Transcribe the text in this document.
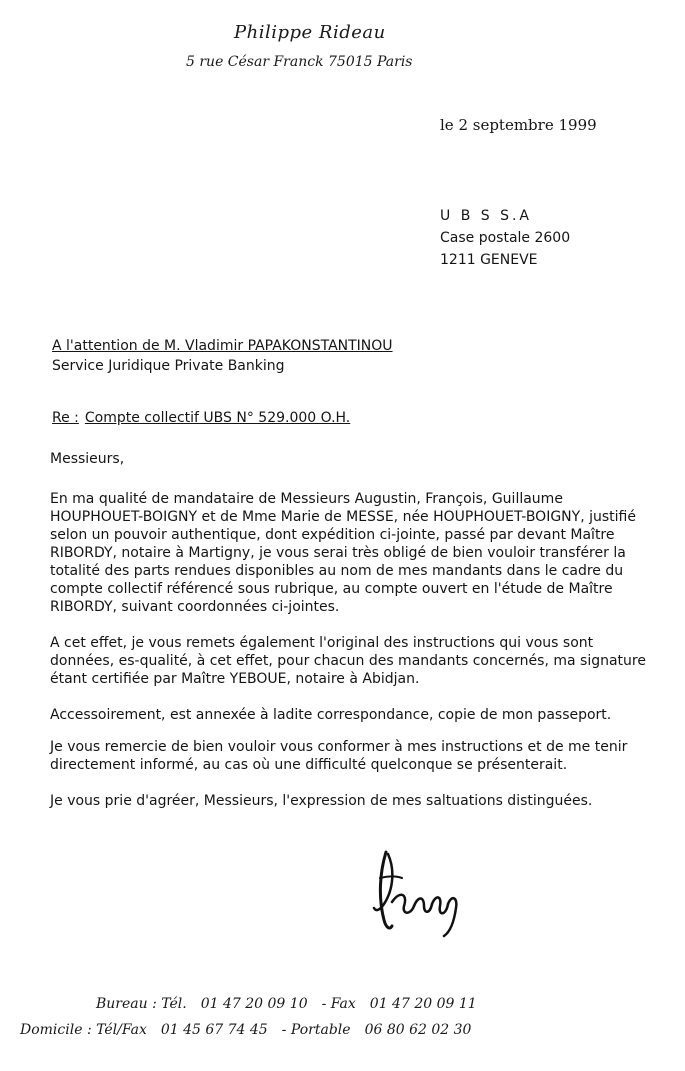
Philippe Rideau
5 rue César Franck 75015 Paris
le 2 septembre 1999
U B S S.A
Case postale 2600
1211 GENEVE
A l'attention de M. Vladimir PAPAKONSTANTINOU
Service Juridique Private Banking
Re : Compte collectif UBS N° 529.000 O.H.

Messieurs,

En ma qualité de mandataire de Messieurs Augustin, François, Guillaume HOUPHOUET-BOIGNY et de Mme Marie de MESSE, née HOUPHOUET-BOIGNY, justifié selon un pouvoir authentique, dont expédition ci-jointe, passé par devant Maître RIBORDY, notaire à Martigny, je vous serai très obligé de bien vouloir transférer la totalité des parts rendues disponibles au nom de mes mandants dans le cadre du compte collectif référencé sous rubrique, au compte ouvert en l'étude de Maître RIBORDY, suivant coordonnées ci-jointes.

A cet effet, je vous remets également l'original des instructions qui vous sont données, es-qualité, à cet effet, pour chacun des mandants concernés, ma signature étant certifiée par Maître YEBOUE, notaire à Abidjan.

Accessoirement, est annexée à ladite correspondance, copie de mon passeport.

Je vous remercie de bien vouloir vous conformer à mes instructions et de me tenir directement informé, au cas où une difficulté quelconque se présenterait.

Je vous prie d'agréer, Messieurs, l'expression de mes saltuations distinguées.

Bureau : Tél. 01 47 20 09 10 - Fax 01 47 20 09 11
Domicile : Tél/Fax 01 45 67 74 45 - Portable 06 80 62 02 30
